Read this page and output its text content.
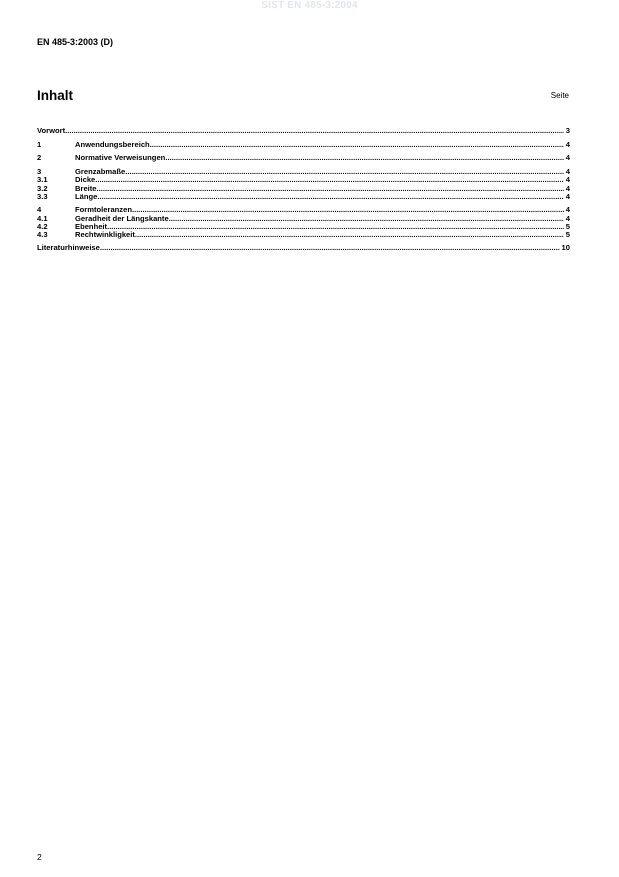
SIST EN 485-3:2004
EN 485-3:2003 (D)
Inhalt	Seite
Vorwort .....	3
1	Anwendungsbereich .....	4
2	Normative Verweisungen .....	4
3	Grenzabmaße .....	4
3.1	Dicke .....	4
3.2	Breite .....	4
3.3	Länge .....	4
4	Formtoleranzen .....	4
4.1	Geradheit der Längskante .....	4
4.2	Ebenheit .....	5
4.3	Rechtwinkligkeit .....	5
Literaturhinweise .....	10
2
